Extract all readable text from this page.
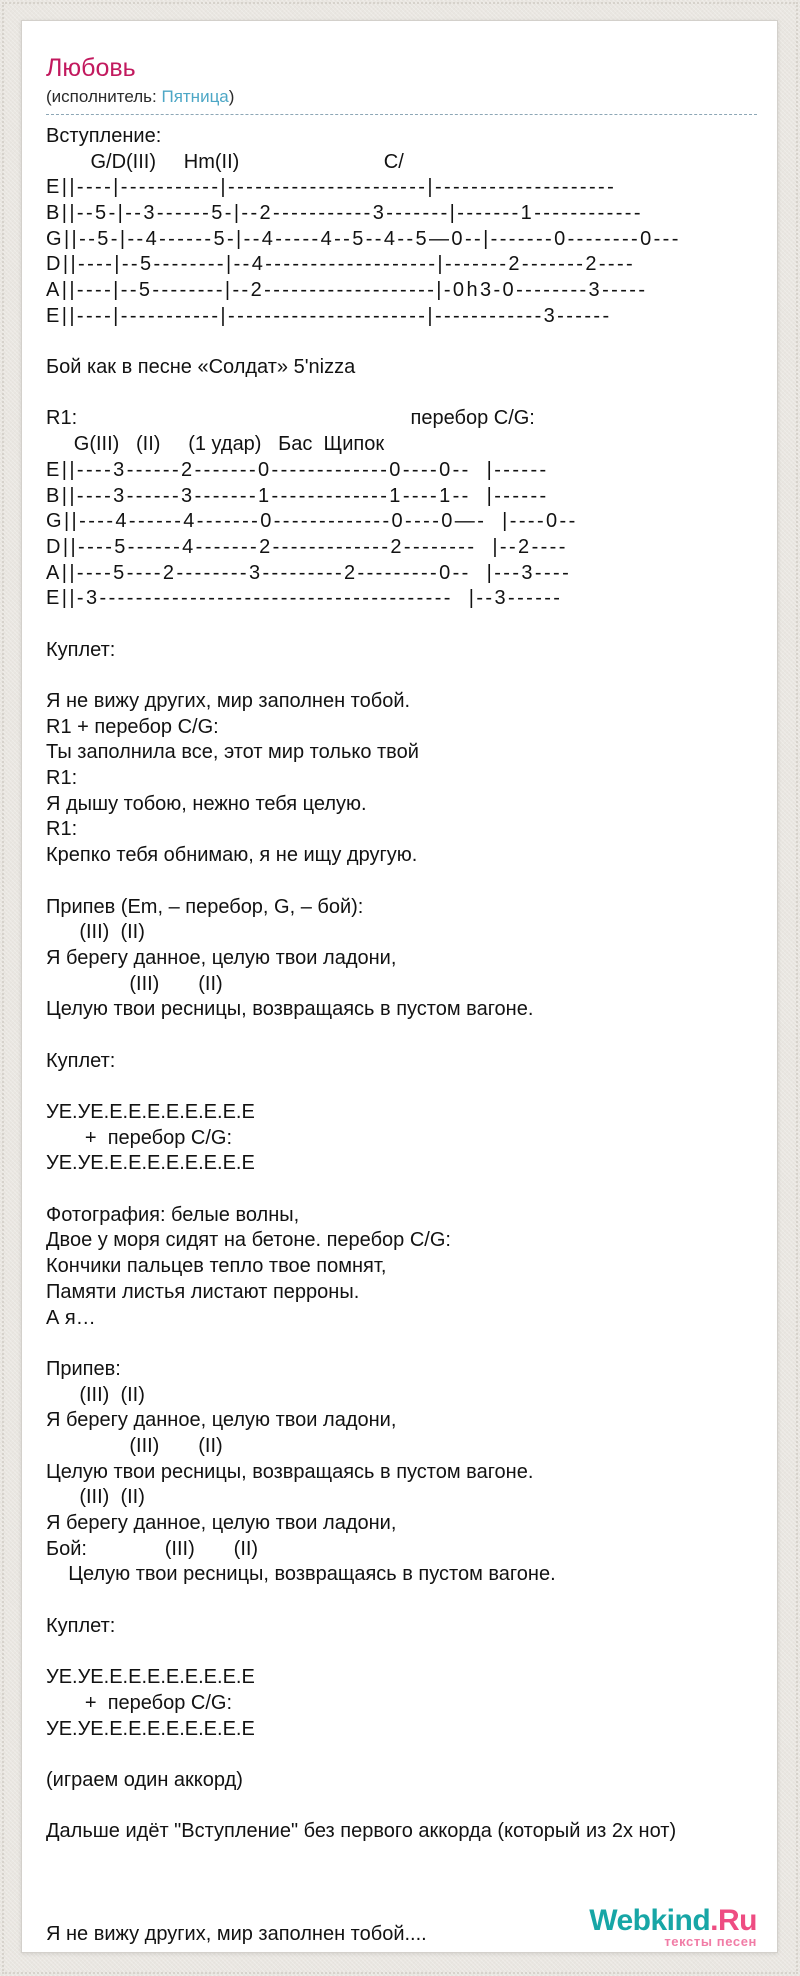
Любовь
(исполнитель: Пятница)
Вступление:
G/D(III)     Hm(II)                          C/
E||----|-----------|----------------------|--------------------
B||--5-|--3------5-|--2-----------3-------|-------1------------
G||--5-|--4------5-|--4-----4--5--4--5—0--|-------0--------0---
D||----|--5--------|--4-------------------|-------2-------2----
A||----|--5--------|--2-------------------|-0h3-0--------3-----
E||----|-----------|----------------------|------------3------
Бой как в песне «Солдат» 5'nizza
R1:                                                            перебор C/G:
G(III)   (II)     (1 удар)   Бас  Щипок
E||----3------2-------0-------------0----0--  |------
B||----3------3-------1-------------1----1--  |------
G||----4------4-------0-------------0----0—-  |----0--
D||----5------4-------2-------------2--------  |--2----
A||----5----2--------3---------2---------0--  |---3----
E||-3---------------------------------------  |--3------
Куплет:
Я не вижу других, мир заполнен тобой.
R1 + перебор C/G:
Ты заполнила все, этот мир только твой
R1:
Я дышу тобою, нежно тебя целую.
R1:
Крепко тебя обнимаю, я не ищу другую.
Припев (Em, – перебор, G, – бой):
(III)  (II)
Я берегу данное, целую твои ладони,
(III)       (II)
Целую твои ресницы, возвращаясь в пустом вагоне.
Куплет:
УЕ.УЕ.Е.Е.Е.Е.Е.Е.Е.Е
+  перебор C/G:
УЕ.УЕ.Е.Е.Е.Е.Е.Е.Е.Е
Фотография: белые волны,
Двое у моря сидят на бетоне. перебор C/G:
Кончики пальцев тепло твое помнят,
Памяти листья листают перроны.
А я…
Припев:
(III)  (II)
Я берегу данное, целую твои ладони,
(III)       (II)
Целую твои ресницы, возвращаясь в пустом вагоне.
(III)  (II)
Я берегу данное, целую твои ладони,
Бой:              (III)       (II)
Целую твои ресницы, возвращаясь в пустом вагоне.
Куплет:
УЕ.УЕ.Е.Е.Е.Е.Е.Е.Е.Е
+  перебор C/G:
УЕ.УЕ.Е.Е.Е.Е.Е.Е.Е.Е
(играем один аккорд)
Дальше идёт "Вступление" без первого аккорда (который из 2х нот)
Я не вижу других, мир заполнен тобой....	Webkind.Ru
тексты песен
